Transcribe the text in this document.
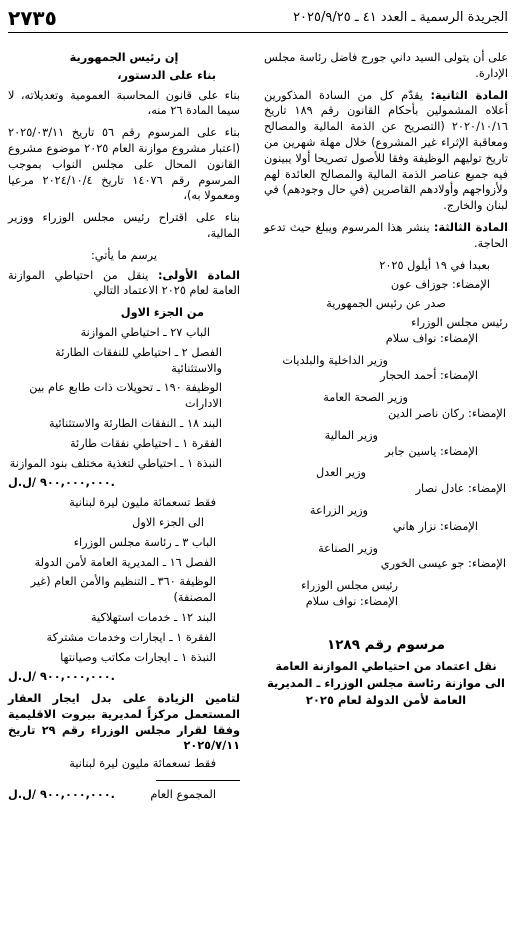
الجريدة الرسمية ـ العدد ٤١ ـ ٢٠٢٥/٩/٢٥
٢٧٣٥

على أن يتولى السيد داني جورج فاضل رئاسة مجلس الإدارة.

المادة الثانية: يقدّم كل من السادة المذكورين أعلاه المشمولين بأحكام القانون رقم ١٨٩ تاريخ ٢٠٢٠/١٠/١٦ (التصريح عن الذمة المالية والمصالح ومعاقبة الإثراء غير المشروع) خلال مهلة شهرين من تاريخ توليهم الوظيفة وفقا للأصول تصريحا أولا يبينون فيه جميع عناصر الذمة المالية والمصالح العائدة لهم ولأزواجهم وأولادهم القاصرين (في حال وجودهم) في لبنان والخارج.

المادة الثالثة: ينشر هذا المرسوم ويبلغ حيث تدعو الحاجة.

بعبدا في ١٩ أيلول ٢٠٢٥

الإمضاء: جوزاف عون

صدر عن رئيس الجمهورية

رئيس مجلس الوزراء

الإمضاء: نواف سلام

وزير الداخلية والبلديات

الإمضاء: أحمد الحجار

وزير الصحة العامة

الإمضاء: ركان ناصر الدين

وزير المالية

الإمضاء: ياسين جابر

وزير العدل

الإمضاء: عادل نصار

وزير الزراعة

الإمضاء: نزار هاني

وزير الصناعة

الإمضاء: جو عيسى الخوري

رئيس مجلس الوزراء

الإمضاء: نواف سلام

مرسوم رقم ١٢٨٩
نقل اعتماد من احتياطي الموازنة العامة الى موازنة رئاسة مجلس الوزراء ـ المديرية العامة لأمن الدولة لعام ٢٠٢٥

إن رئيس الجمهورية

بناء على الدستور،

بناء على قانون المحاسبة العمومية وتعديلاته، لا سيما المادة ٢٦ منه،

بناء على المرسوم رقم ٥٦ تاريخ ٢٠٢٥/٠٣/١١ (اعتبار مشروع موازنة العام ٢٠٢٥ موضوع مشروع القانون المحال على مجلس النواب بموجب المرسوم رقم ١٤٠٧٦ تاريخ ٢٠٢٤/١٠/٤ مرعيا ومعمولا به)،

بناء على اقتراح رئيس مجلس الوزراء ووزير المالية،

يرسم ما يأتي:

المادة الأولى: ينقل من احتياطي الموازنة العامة لعام ٢٠٢٥ الاعتماد التالي

من الجزء الاول

الباب ٢٧ ـ احتياطي الموازنة

الفصل ٢ ـ احتياطي للنفقات الطارئة والاستثنائية

الوظيفة ١٩٠ ـ تحويلات ذات طابع عام بين الادارات

البند ١٨ ـ النفقات الطارئة والاستثنائية

الفقرة ١ ـ احتياطي نفقات طارئة

النبذة ١ ـ احتياطي لتغذية مختلف بنود الموازنة

٩٠٠,٠٠٠,٠٠٠ /ل.ل.

فقط تسعمائة مليون ليرة لبنانية

الى الجزء الاول

الباب ٣ ـ رئاسة مجلس الوزراء

الفصل ١٦ ـ المديرية العامة لأمن الدولة

الوظيفة ٣٦٠ ـ التنظيم والأمن العام (غير المصنفة)

البند ١٢ ـ خدمات استهلاكية

الفقرة ١ ـ ايجارات وخدمات مشتركة

النبذة ١ ـ ايجارات مكاتب وصيانتها

٩٠٠,٠٠٠,٠٠٠ /ل.ل.

لتامين الزيادة على بدل ايجار العقار المستعمل مركزاً لمديرية بيروت الاقليمية وفقا لقرار مجلس الوزراء رقم ٢٩ تاريخ ٢٠٢٥/٧/١١

فقط تسعمائة مليون ليرة لبنانية

المجموع العام
٩٠٠,٠٠٠,٠٠٠ /ل.ل.
